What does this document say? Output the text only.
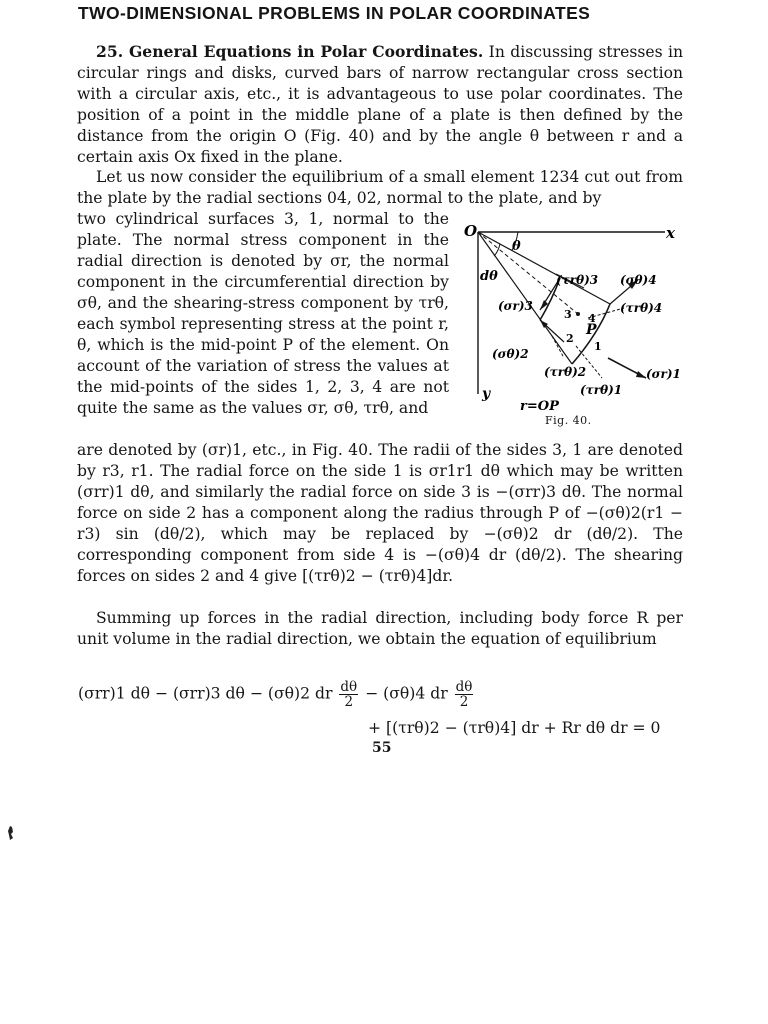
TWO-DIMENSIONAL PROBLEMS IN POLAR COORDINATES

25. General Equations in Polar Coordinates. In discussing stresses in circular rings and disks, curved bars of narrow rectangular cross section with a circular axis, etc., it is advantageous to use polar coordinates. The position of a point in the middle plane of a plate is then defined by the distance from the origin O (Fig. 40) and by the angle θ between r and a certain axis Ox fixed in the plane.

Let us now consider the equilibrium of a small element 1234 cut out from the plate by the radial sections 04, 02, normal to the plate, and by

two cylindrical surfaces 3, 1, normal to the plate. The normal stress component in the radial direction is denoted by σr, the normal component in the circumferential direction by σθ, and the shearing-stress component by τrθ, each symbol representing stress at the point r, θ, which is the mid-point P of the element. On account of the variation of stress the values at the mid-points of the sides 1, 2, 3, 4 are not quite the same as the values σr, σθ, τrθ, and

are denoted by (σr)1, etc., in Fig. 40. The radii of the sides 3, 1 are denoted by r3, r1. The radial force on the side 1 is σr1r1 dθ which may be written (σrr)1 dθ, and similarly the radial force on side 3 is −(σrr)3 dθ. The normal force on side 2 has a component along the radius through P of −(σθ)2(r1 − r3) sin (dθ/2), which may be replaced by −(σθ)2 dr (dθ/2). The corresponding component from side 4 is −(σθ)4 dr (dθ/2). The shearing forces on sides 2 and 4 give [(τrθ)2 − (τrθ)4]dr.

Summing up forces in the radial direction, including body force R per unit volume in the radial direction, we obtain the equation of equilibrium

(σrr)1 dθ − (σrr)3 dθ − (σθ)2 dr $\frac{d\theta}{2} - (\sigma\theta)4$ dr $\frac{d\theta}{2}$
+ [(τrθ)2 − (τrθ)4] dr + Rr dθ dr = 0
O	x
y
θ
dθ	(τrθ)3 (σθ)4
(σr)3	(τrθ)4
(σθ)2
(τrθ)2
(τrθ)1
(σr)1
r=OP
P
1
2
3 4
Fig. 40.
55
